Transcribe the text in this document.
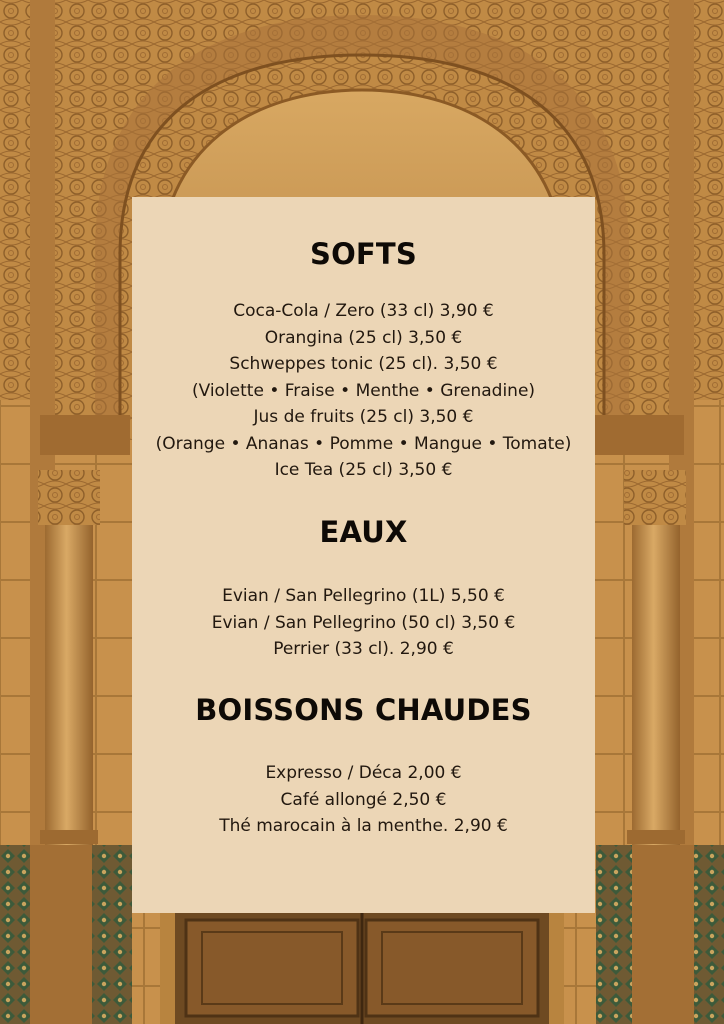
SOFTS
Coca-Cola / Zero (33 cl) 3,90 €
Orangina (25 cl) 3,50 €
Schweppes tonic (25 cl). 3,50 €
(Violette • Fraise • Menthe • Grenadine)
Jus de fruits (25 cl) 3,50 €
(Orange • Ananas • Pomme • Mangue • Tomate)
Ice Tea (25 cl) 3,50 €
EAUX
Evian / San Pellegrino (1L) 5,50 €
Evian / San Pellegrino (50 cl) 3,50 €
Perrier (33 cl). 2,90 €
BOISSONS CHAUDES
Expresso / Déca 2,00 €
Café allongé 2,50 €
Thé marocain à la menthe. 2,90 €
